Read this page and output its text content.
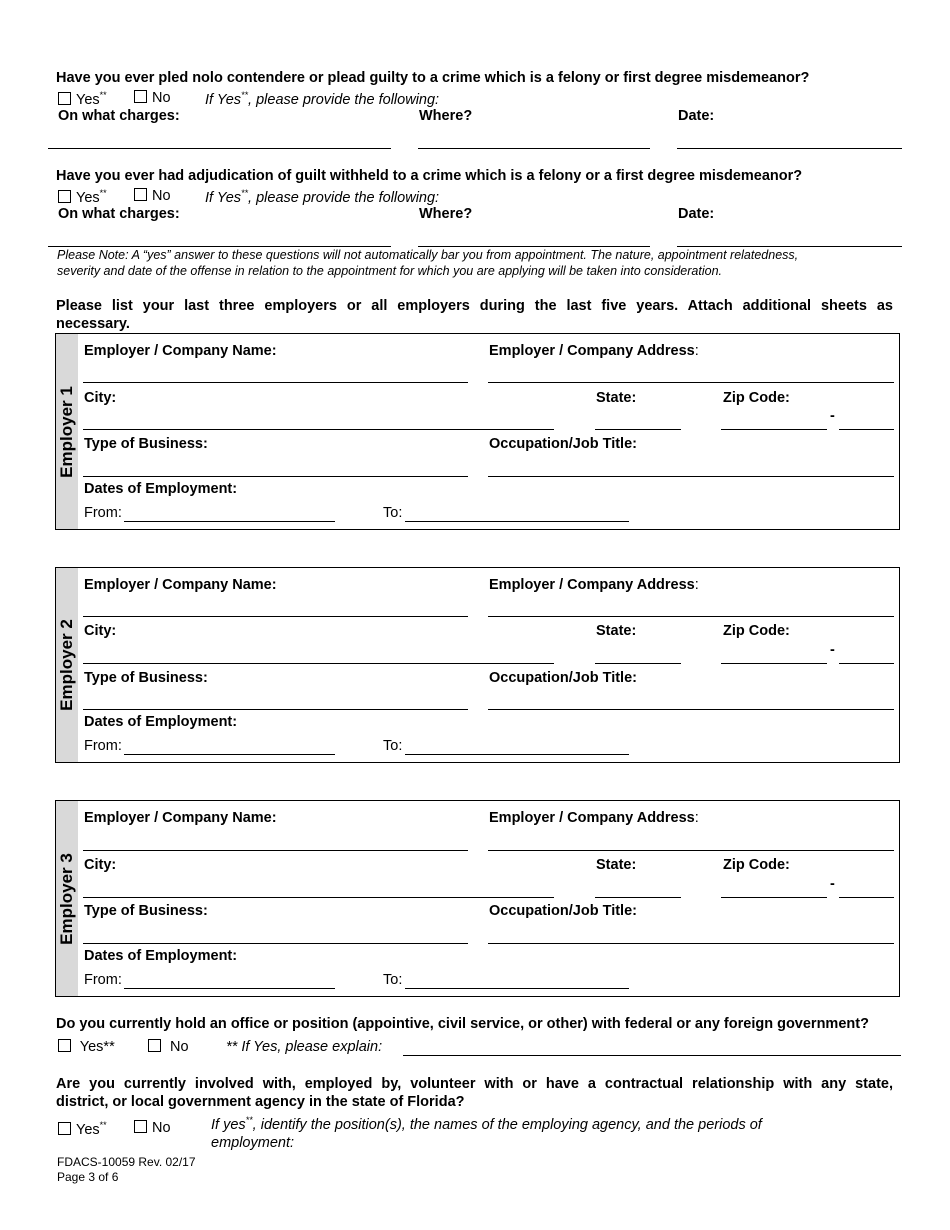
Have you ever pled nolo contendere or plead guilty to a crime which is a felony or first degree misdemeanor?
Yes**	No If Yes**, please provide the following:
On what charges:	Where?	Date:
Have you ever had adjudication of guilt withheld to a crime which is a felony or a first degree misdemeanor?
Yes**	No If Yes**, please provide the following:
On what charges:	Where?	Date:
Please Note: A “yes” answer to these questions will not automatically bar you from appointment. The nature, appointment relatedness,
severity and date of the offense in relation to the appointment for which you are applying will be taken into consideration.
Please list your last three employers or all employers during the last five years. Attach additional sheets as
necessary.
Employer 1
Employer / Company Name:	Employer / Company Address:
City:	State:	Zip Code:
-
Type of Business:	Occupation/Job Title:
Dates of Employment:
From:	To:
Employer 2
Employer / Company Name:	Employer / Company Address:
City:	State:	Zip Code:
-
Type of Business:	Occupation/Job Title:
Dates of Employment:
From:	To:
Employer 3
Employer / Company Name:	Employer / Company Address:
City:	State:	Zip Code:
-
Type of Business:	Occupation/Job Title:
Dates of Employment:
From:	To:
Do you currently hold an office or position (appointive, civil service, or other) with federal or any foreign government?
Yes**	No	** If Yes, please explain:
Are you currently involved with, employed by, volunteer with or have a contractual relationship with any state,
district, or local government agency in the state of Florida?
Yes**	No	If yes**, identify the position(s), the names of the employing agency, and the periods of
employment:
FDACS-10059 Rev. 02/17
Page 3 of 6
